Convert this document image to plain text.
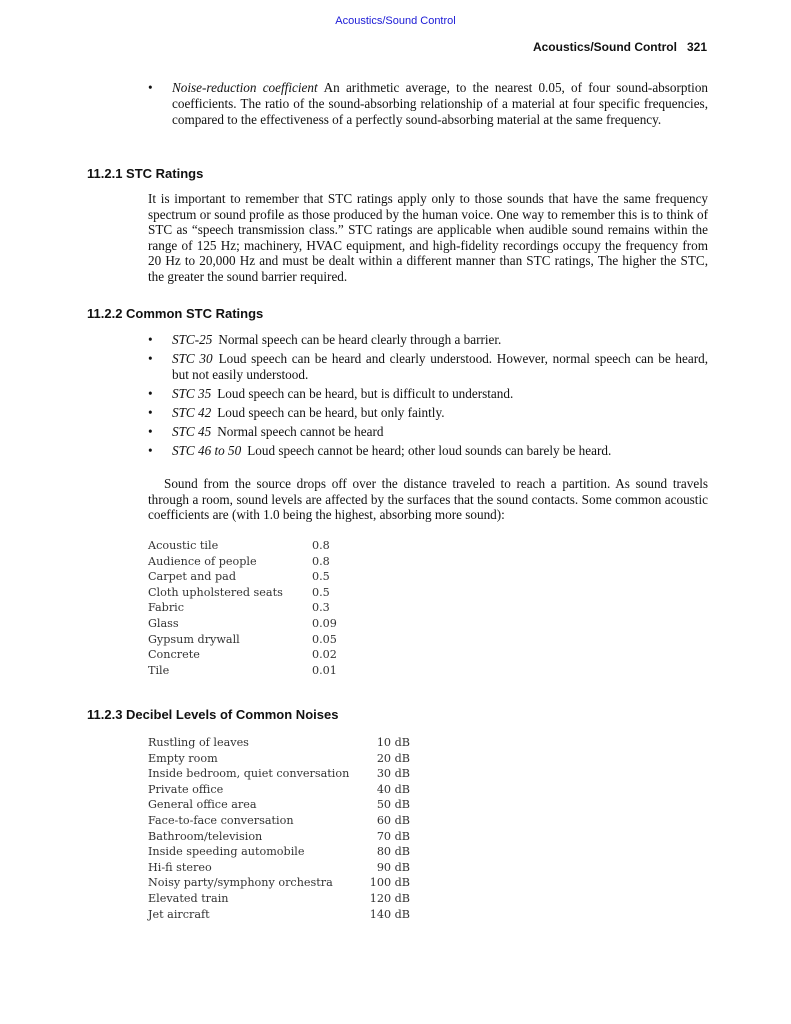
Acoustics/Sound Control
Acoustics/Sound Control 321
• Noise-reduction coefficient An arithmetic average, to the nearest 0.05, of four sound-absorption coefficients. The ratio of the sound-absorbing relationship of a material at four specific frequencies, compared to the effectiveness of a perfectly sound-absorbing material at the same frequency.
11.2.1 STC Ratings

It is important to remember that STC ratings apply only to those sounds that have the same frequency spectrum or sound profile as those produced by the human voice. One way to remember this is to think of STC as “speech transmission class.” STC ratings are applicable when audible sound remains within the range of 125 Hz; machinery, HVAC equipment, and high-fidelity recordings occupy the frequency from 20 Hz to 20,000 Hz and must be dealt within a different manner than STC ratings, The higher the STC, the greater the sound barrier required.

11.2.2 Common STC Ratings
• STC-25 Normal speech can be heard clearly through a barrier.
• STC 30 Loud speech can be heard and clearly understood. However, normal speech can be heard, but not easily understood.
• STC 35 Loud speech can be heard, but is difficult to understand.
• STC 42 Loud speech can be heard, but only faintly.
• STC 45 Normal speech cannot be heard
• STC 46 to 50 Loud speech cannot be heard; other loud sounds can barely be heard.

Sound from the source drops off over the distance traveled to reach a partition. As sound travels through a room, sound levels are affected by the surfaces that the sound contacts. Some common acoustic coefficients are (with 1.0 being the highest, absorbing more sound):

Acoustic tile	0.8
Audience of people	0.8
Carpet and pad	0.5
Cloth upholstered seats	0.5
Fabric	0.3
Glass	0.09
Gypsum drywall	0.05
Concrete	0.02
Tile	0.01
11.2.3 Decibel Levels of Common Noises
Rustling of leaves	10 dB
Empty room	20 dB
Inside bedroom, quiet conversation 30 dB
Private office	40 dB
General office area	50 dB
Face-to-face conversation	60 dB
Bathroom/television	70 dB
Inside speeding automobile	80 dB
Hi-fi stereo	90 dB
Noisy party/symphony orchestra	100 dB
Elevated train	120 dB
Jet aircraft	140 dB
